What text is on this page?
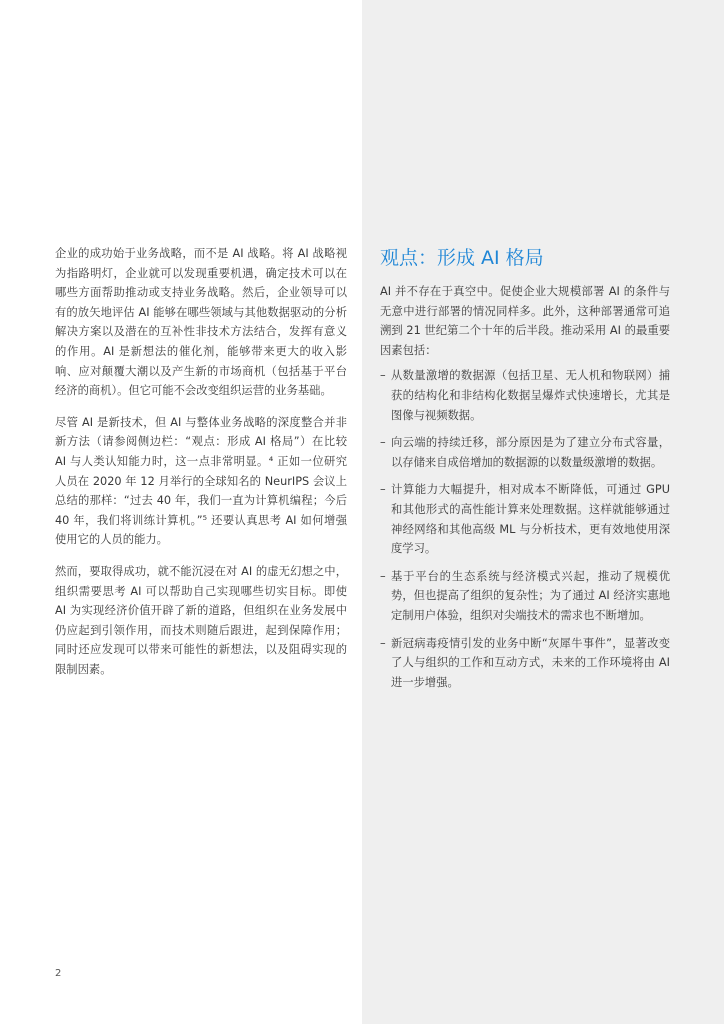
企业的成功始于业务战略，而不是 AI 战略。将 AI 战略视为指路明灯，企业就可以发现重要机遇，确定技术可以在哪些方面帮助推动或支持业务战略。然后，企业领导可以有的放矢地评估 AI 能够在哪些领域与其他数据驱动的分析解决方案以及潜在的互补性非技术方法结合，发挥有意义的作用。AI 是新想法的催化剂，能够带来更大的收入影响、应对颠覆大潮以及产生新的市场商机（包括基于平台经济的商机）。但它可能不会改变组织运营的业务基础。

尽管 AI 是新技术，但 AI 与整体业务战略的深度整合并非新方法（请参阅侧边栏：“观点：形成 AI 格局”）在比较 AI 与人类认知能力时，这一点非常明显。⁴ 正如一位研究人员在 2020 年 12 月举行的全球知名的 NeurIPS 会议上总结的那样：“过去 40 年，我们一直为计算机编程；今后 40 年，我们将训练计算机。”⁵ 还要认真思考 AI 如何增强使用它的人员的能力。

然而，要取得成功，就不能沉浸在对 AI 的虚无幻想之中，组织需要思考 AI 可以帮助自己实现哪些切实目标。即使 AI 为实现经济价值开辟了新的道路，但组织在业务发展中仍应起到引领作用，而技术则随后跟进，起到保障作用；同时还应发现可以带来可能性的新想法，以及阻碍实现的限制因素。

观点：形成 AI 格局

AI 并不存在于真空中。促使企业大规模部署 AI 的条件与无意中进行部署的情况同样多。此外，这种部署通常可追溯到 21 世纪第二个十年的后半段。推动采用 AI 的最重要因素包括：

– 从数量激增的数据源（包括卫星、无人机和物联网）捕获的结构化和非结构化数据呈爆炸式快速增长，尤其是图像与视频数据。
– 向云端的持续迁移，部分原因是为了建立分布式容量，以存储来自成倍增加的数据源的以数量级激增的数据。
– 计算能力大幅提升，相对成本不断降低，可通过 GPU 和其他形式的高性能计算来处理数据。这样就能够通过神经网络和其他高级 ML 与分析技术，更有效地使用深度学习。
– 基于平台的生态系统与经济模式兴起，推动了规模优势，但也提高了组织的复杂性；为了通过 AI 经济实惠地定制用户体验，组织对尖端技术的需求也不断增加。
– 新冠病毒疫情引发的业务中断“灰犀牛事件”，显著改变了人与组织的工作和互动方式，未来的工作环境将由 AI 进一步增强。
2
